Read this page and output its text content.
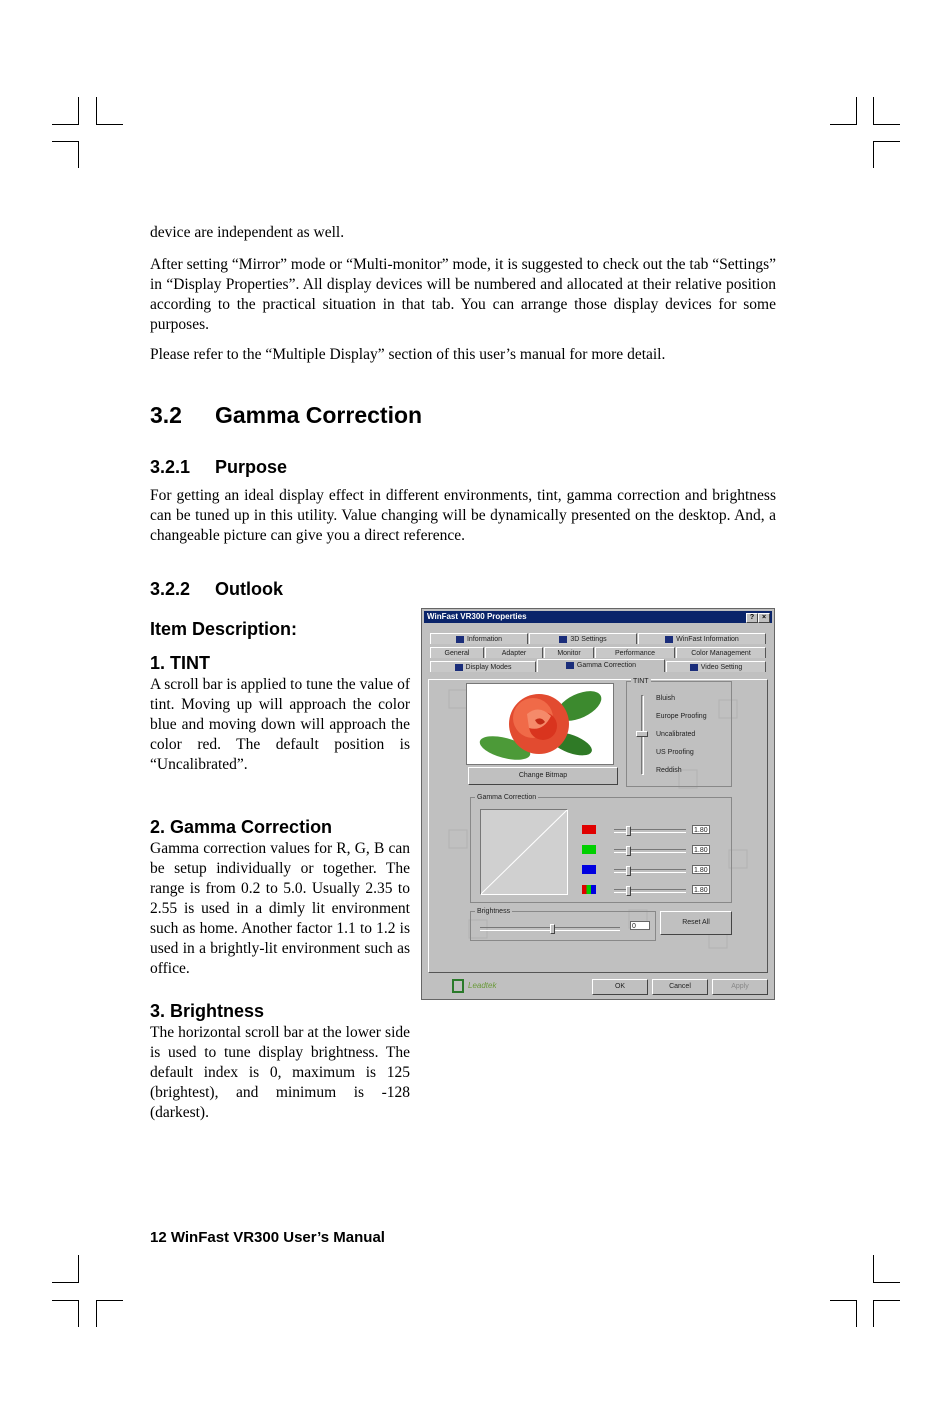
device are independent as well.

After setting “Mirror” mode or “Multi-monitor” mode, it is suggested to check out the tab “Settings” in “Display Properties”. All display devices will be numbered and allocated at their relative position according to the practical situation in that tab. You can arrange those display devices for some purposes.

Please refer to the “Multiple Display” section of this user’s manual for more detail.

3.2 Gamma Correction
3.2.1 Purpose

For getting an ideal display effect in different environments, tint, gamma correction and brightness can be tuned up in this utility. Value changing will be dynamically presented on the desktop. And, a changeable picture can give you a direct reference.

3.2.2 Outlook
Item Description:
1. TINT

A scroll bar is applied to tune the value of tint. Moving up will approach the color blue and moving down will approach the color red. The default position is “Uncalibrated”.

2. Gamma Correction

Gamma correction values for R, G, B can be setup individually or together. The range is from 0.2 to 5.0. Usually 2.35 to 2.55 is used in a dimly lit environment such as home. Another factor 1.1 to 1.2 is used in a brightly-lit environment such as office.

3. Brightness

The horizontal scroll bar at the lower side is used to tune display brightness. The default index is 0, maximum is 125 (brightest), and minimum is -128 (darkest).

12 WinFast VR300 User’s Manual
WinFast VR300 Properties	?	×
Information	3D Settings	WinFast Information
General	Adapter	Monitor	Performance	Color Management
Display Modes	Gamma Correction	Video Setting
Change Bitmap
TINT
Bluish
Europe Proofing
Uncalibrated
US Proofing
Reddish
Gamma Correction
1.80
1.80
1.80
1.80
Brightness
0
Reset All
Leadtek	OK	Cancel	Apply
